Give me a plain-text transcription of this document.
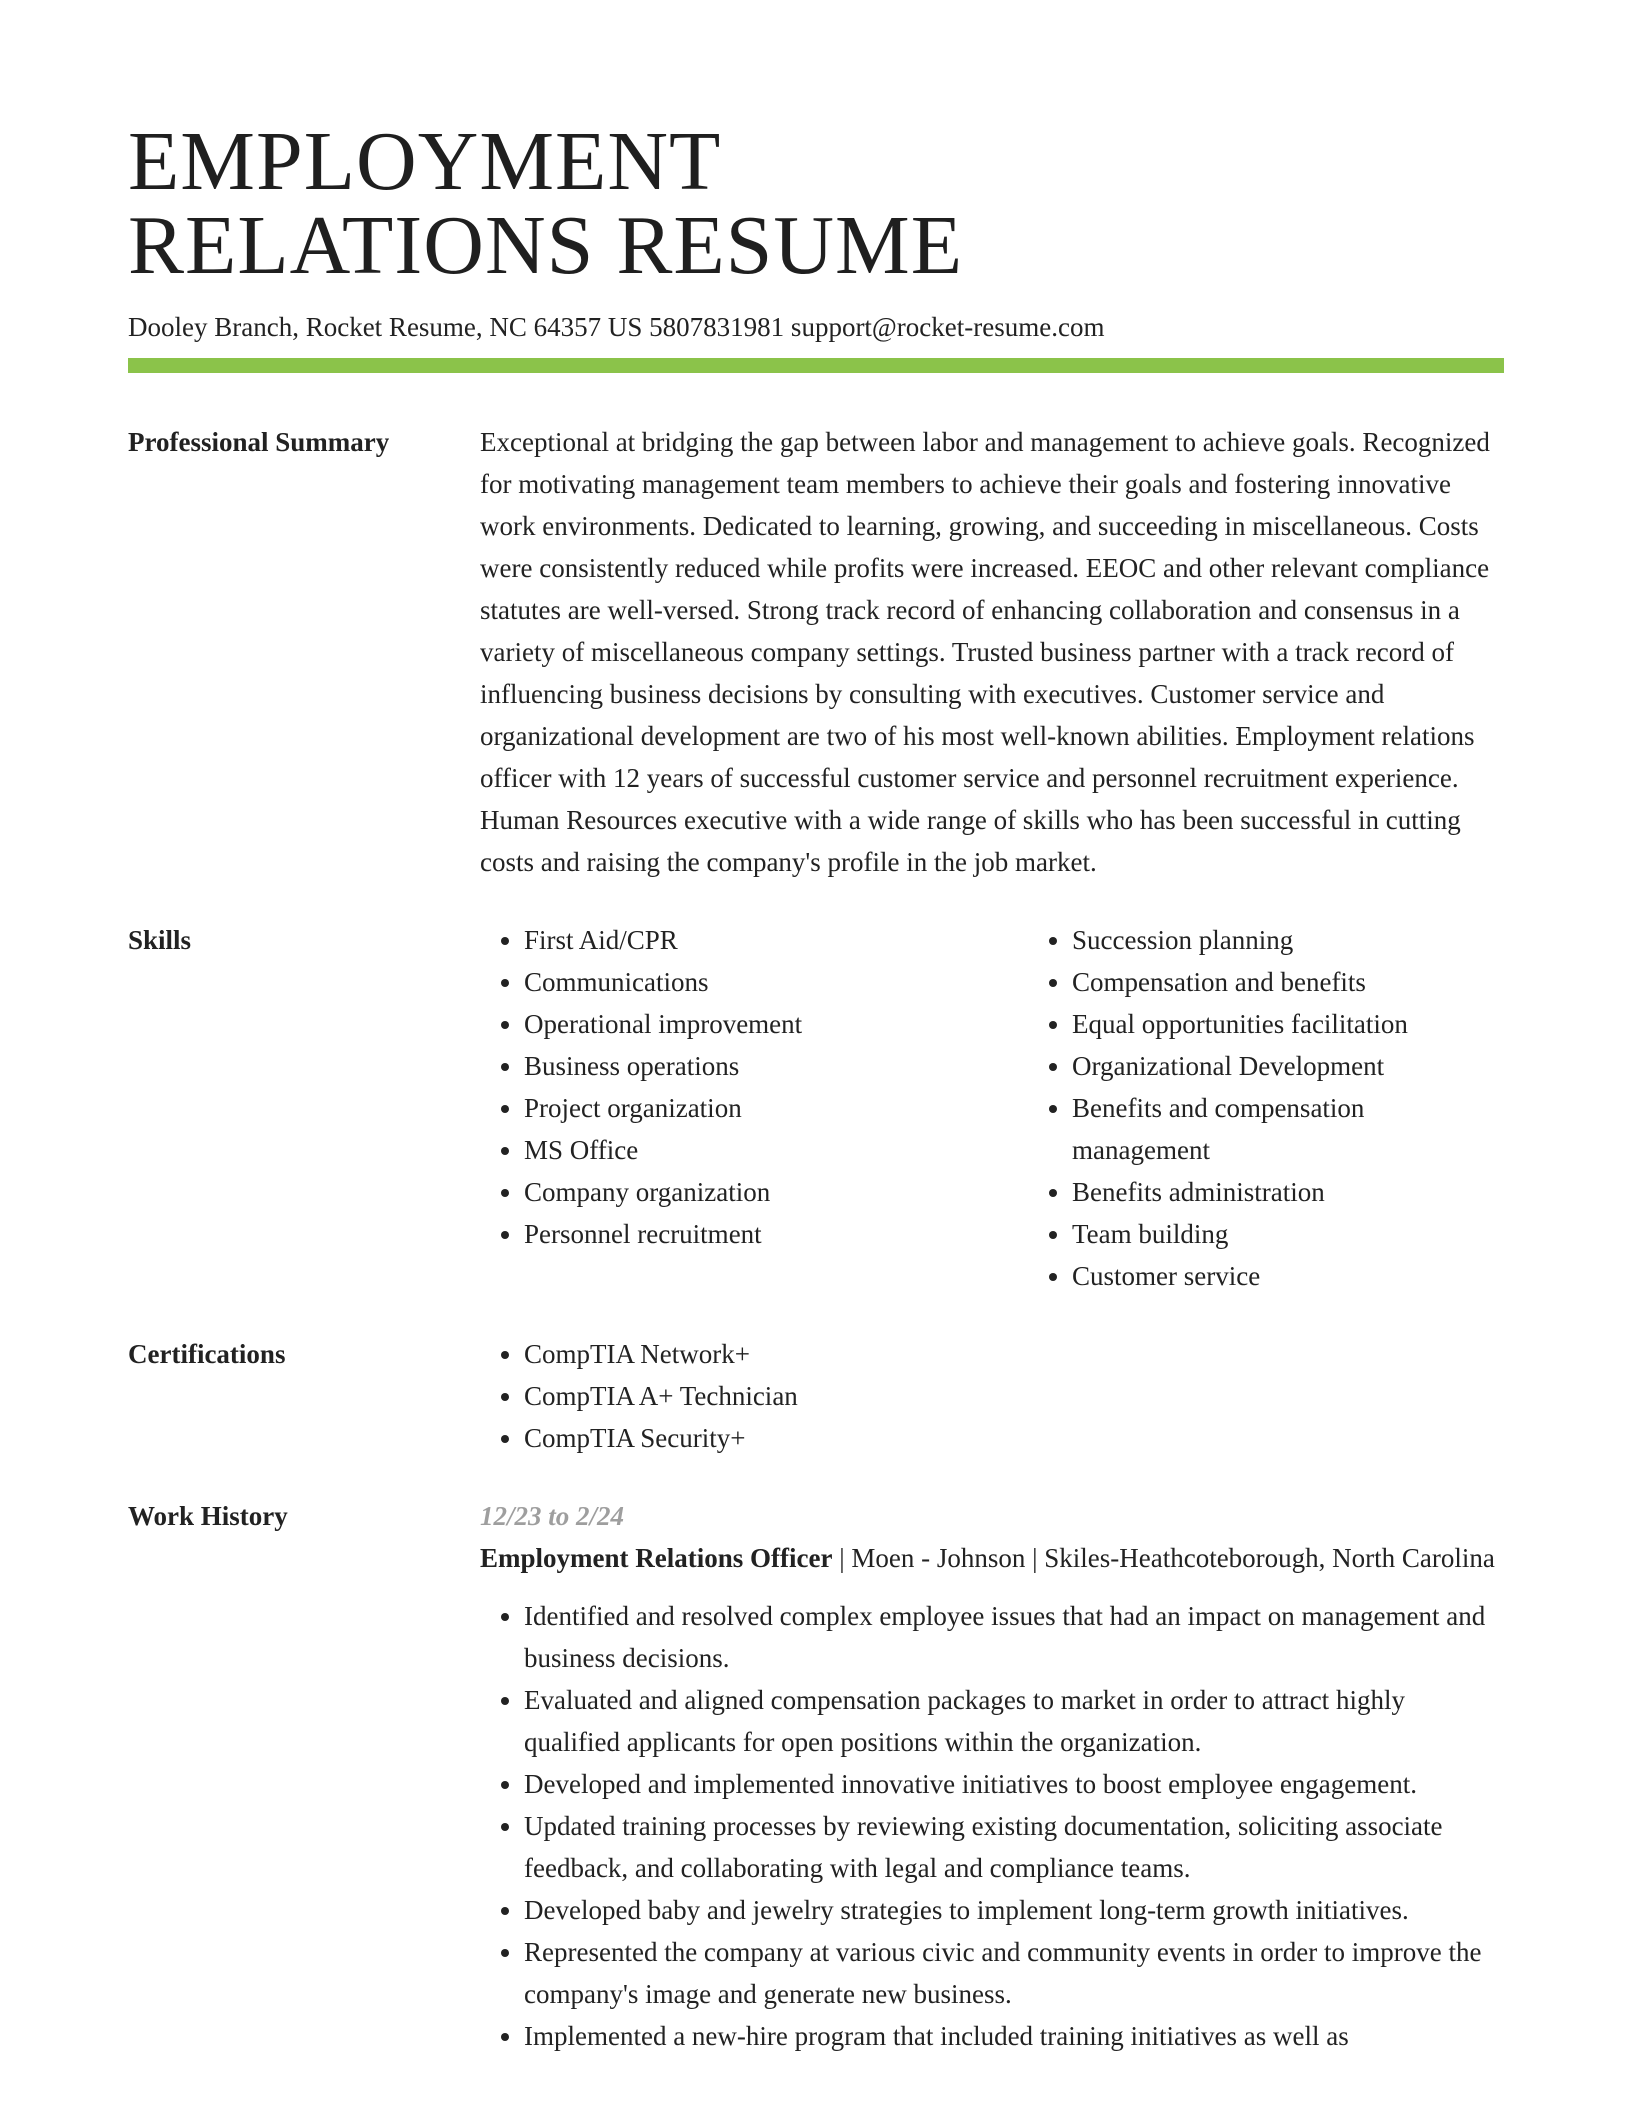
EMPLOYMENT
RELATIONS RESUME
Dooley Branch, Rocket Resume, NC 64357 US 5807831981 support@rocket-resume.com
Professional Summary	Exceptional at bridging the gap between labor and management to achieve goals. Recognized for motivating management team members to achieve their goals and fostering innovative work environments. Dedicated to learning, growing, and succeeding in miscellaneous. Costs were consistently reduced while profits were increased. EEOC and other relevant compliance statutes are well-versed. Strong track record of enhancing collaboration and consensus in a variety of miscellaneous company settings. Trusted business partner with a track record of influencing business decisions by consulting with executives. Customer service and organizational development are two of his most well-known abilities. Employment relations officer with 12 years of successful customer service and personnel recruitment experience. Human Resources executive with a wide range of skills who has been successful in cutting costs and raising the company's profile in the job market.

Skills	• First Aid/CPR
• Communications
• Operational improvement
• Business operations
• Project organization
• MS Office
• Company organization
• Personnel recruitment
• Succession planning
• Compensation and benefits
• Equal opportunities facilitation
• Organizational Development
• Benefits and compensation management
• Benefits administration
• Team building
• Customer service
Certifications	• CompTIA Network+
• CompTIA A+ Technician
• CompTIA Security+
Work History	12/23 to 2/24

Employment Relations Officer | Moen - Johnson | Skiles-Heathcoteborough, North Carolina

• Identified and resolved complex employee issues that had an impact on management and business decisions.
• Evaluated and aligned compensation packages to market in order to attract highly qualified applicants for open positions within the organization.
• Developed and implemented innovative initiatives to boost employee engagement.
• Updated training processes by reviewing existing documentation, soliciting associate feedback, and collaborating with legal and compliance teams.
• Developed baby and jewelry strategies to implement long-term growth initiatives.
• Represented the company at various civic and community events in order to improve the company's image and generate new business.
• Implemented a new-hire program that included training initiatives as well as
